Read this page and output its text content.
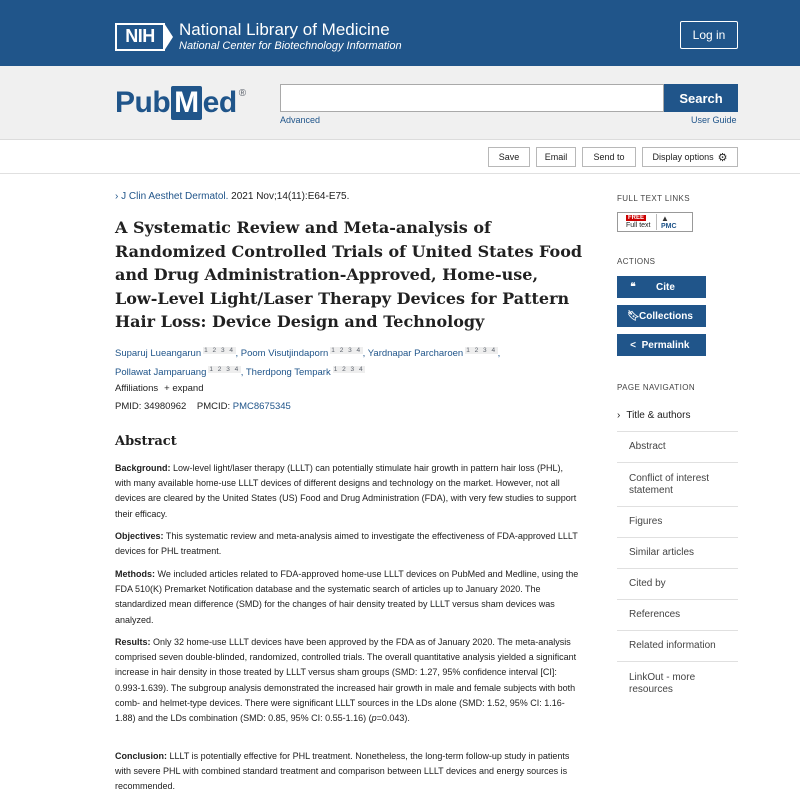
NIH	National Library of Medicine
National Center for Biotechnology Information
Log in
Pub M ed ®	Search
Advanced	User Guide
Save	Email	Send to	Display options ⚙
› J Clin Aesthet Dermatol. 2021 Nov;14(11):E64-E75.
A Systematic Review and Meta-analysis of Randomized Controlled Trials of United States Food and Drug Administration-Approved, Home-use, Low-Level Light/Laser Therapy Devices for Pattern Hair Loss: Device Design and Technology
Suparuj Lueangarun $^{1 2 3 4}$, Poom Visutjindaporn $^{1 2 3 4}$, Yardnapar Parcharoen $^{1 2 3 4}$,
Pollawat Jamparuang $^{1 2 3 4}$, Therdpong Tempark $^{1 2 3 4}$
Affiliations + expand
PMID: 34980962 PMCID: PMC8675345
Abstract

Background: Low-level light/laser therapy (LLLT) can potentially stimulate hair growth in pattern hair loss (PHL), with many available home-use LLLT devices of different designs and technology on the market. However, not all devices are cleared by the United States (US) Food and Drug Administration (FDA), with very few studies to support their efficacy.

Objectives: This systematic review and meta-analysis aimed to investigate the effectiveness of FDA-approved LLLT devices for PHL treatment.

Methods: We included articles related to FDA-approved home-use LLLT devices on PubMed and Medline, using the FDA 510(K) Premarket Notification database and the systematic search of articles up to January 2020. The standardized mean difference (SMD) for the changes of hair density treated by LLLT versus sham devices was analyzed.

Results: Only 32 home-use LLLT devices have been approved by the FDA as of January 2020. The meta-analysis comprised seven double-blinded, randomized, controlled trials. The overall quantitative analysis yielded a significant increase in hair density in those treated by LLLT versus sham groups (SMD: 1.27, 95% confidence interval [CI]: 0.993-1.639). The subgroup analysis demonstrated the increased hair growth in male and female subjects with both comb- and helmet-type devices. There were significant LLLT sources in the LDs alone (SMD: 1.52, 95% CI: 1.16-1.88) and the LDs combination (SMD: 0.85, 95% CI: 0.55-1.16) (p=0.043).

Conclusion: LLLT is potentially effective for PHL treatment. Nonetheless, the long-term follow-up study in patients with severe PHL with combined standard treatment and comparison between LLLT devices and energy sources is recommended.

FULL TEXT LINKS
FREE
Full text
▲
PMC
ACTIONS
❝	Cite
🔖︎ Collections
< Permalink
PAGE NAVIGATION
› Title & authors
Abstract
Conflict of interest statement
Figures
Similar articles
Cited by
References
Related information
LinkOut - more resources
